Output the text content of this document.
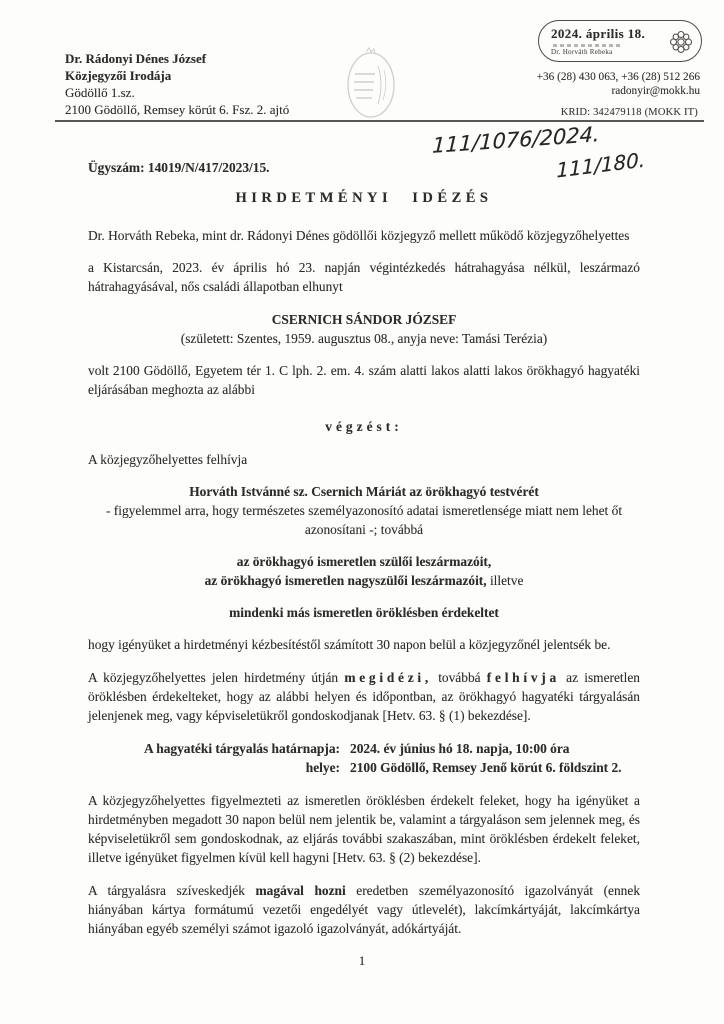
Dr. Rádonyi Dénes József
Közjegyzői Irodája
Gödöllő 1.sz.
2100 Gödöllő, Remsey körút 6. Fsz. 2. ajtó
2024. április 18.
Dr. Horváth Rebeka
+36 (28) 430 063, +36 (28) 512 266
radonyir@mokk.hu
KRID: 342479118 (MOKK IT)
111/1076/2024.
111/180.
Ügyszám: 14019/N/417/2023/15.
HIRDETMÉNYI IDÉZÉS
Dr. Horváth Rebeka, mint dr. Rádonyi Dénes gödöllői közjegyző mellett működő közjegyzőhelyettes
a Kistarcsán, 2023. év április hó 23. napján végintézkedés hátrahagyása nélkül, leszármazó hátrahagyásával, nős családi állapotban elhunyt
CSERNICH SÁNDOR JÓZSEF
(született: Szentes, 1959. augusztus 08., anyja neve: Tamási Terézia)
volt 2100 Gödöllő, Egyetem tér 1. C lph. 2. em. 4. szám alatti lakos alatti lakos örökhagyó hagyatéki eljárásában meghozta az alábbi
végzést:
A közjegyzőhelyettes felhívja
Horváth Istvánné sz. Csernich Máriát az örökhagyó testvérét
- figyelemmel arra, hogy természetes személyazonosító adatai ismeretlensége miatt nem lehet őt azonosítani -; továbbá
az örökhagyó ismeretlen szülői leszármazóit,
az örökhagyó ismeretlen nagyszülői leszármazóit, illetve
mindenki más ismeretlen öröklésben érdekeltet
hogy igényüket a hirdetményi kézbesítéstől számított 30 napon belül a közjegyzőnél jelentsék be.
A közjegyzőhelyettes jelen hirdetmény útján megidézi, továbbá felhívja az ismeretlen öröklésben érdekelteket, hogy az alábbi helyen és időpontban, az örökhagyó hagyatéki tárgyalásán jelenjenek meg, vagy képviseletükről gondoskodjanak [Hetv. 63. § (1) bekezdése].
A hagyatéki tárgyalás határnapja: 2024. év június hó 18. napja, 10:00 óra
helye: 2100 Gödöllő, Remsey Jenő körút 6. földszint 2.
A közjegyzőhelyettes figyelmezteti az ismeretlen öröklésben érdekelt feleket, hogy ha igényüket a hirdetményben megadott 30 napon belül nem jelentik be, valamint a tárgyaláson sem jelennek meg, és képviseletükről sem gondoskodnak, az eljárás további szakaszában, mint öröklésben érdekelt feleket, illetve igényüket figyelmen kívül kell hagyni [Hetv. 63. § (2) bekezdése].
A tárgyalásra szíveskedjék magával hozni eredetben személyazonosító igazolványát (ennek hiányában kártya formátumú vezetői engedélyét vagy útlevelét), lakcímkártyáját, lakcímkártya hiányában egyéb személyi számot igazoló igazolványát, adókártyáját.
1
